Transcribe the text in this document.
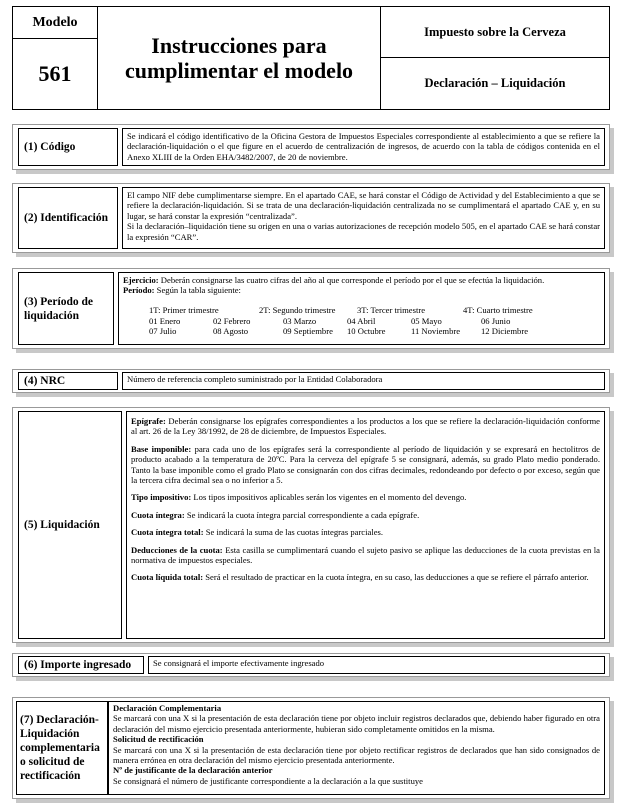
Modelo
561
Instrucciones para
cumplimentar el modelo
Impuesto sobre la Cerveza
Declaración – Liquidación
(1) Código
Se indicará el código identificativo de la Oficina Gestora de Impuestos Especiales correspondiente al establecimiento a que se refiere la declaración-liquidación o el que figure en el acuerdo de centralización de ingresos, de acuerdo con la tabla de códigos contenida en el Anexo XLIII de la Orden EHA/3482/2007, de 20 de noviembre.
(2) Identificación

El campo NIF debe cumplimentarse siempre. En el apartado CAE, se hará constar el Código de Actividad y del Establecimiento a que se refiere la declaración-liquidación. Si se trata de una declaración-liquidación centralizada no se cumplimentará el apartado CAE y, en su lugar, se hará constar la expresión “centralizada”.

Si la declaración–liquidación tiene su origen en una o varias autorizaciones de recepción modelo 505, en el apartado CAE se hará constar la expresión “CAR”.

(3) Período de
liquidación

Ejercicio: Deberán consignarse las cuatro cifras del año al que corresponde el período por el que se efectúa la liquidación.

Período: Según la tabla siguiente:

1T: Primer trimestre	2T: Segundo trimestre	3T: Tercer trimestre	4T: Cuarto trimestre
01 Enero	02 Febrero	03 Marzo	04 Abril	05 Mayo	06 Junio
07 Julio	08 Agosto	09 Septiembre	10 Octubre	11 Noviembre	12 Diciembre
(4) NRC	Número de referencia completo suministrado por la Entidad Colaboradora
(5) Liquidación

Epígrafe: Deberán consignarse los epígrafes correspondientes a los productos a los que se refiere la declaración-liquidación conforme al art. 26 de la Ley 38/1992, de 28 de diciembre, de Impuestos Especiales.

Base imponible: para cada uno de los epígrafes será la correspondiente al período de liquidación y se expresará en hectolitros de producto acabado a la temperatura de 20ºC. Para la cerveza del epígrafe 5 se consignará, además, su grado Plato medio ponderado. Tanto la base imponible como el grado Plato se consignarán con dos cifras decimales, redondeando por defecto o por exceso, según que la tercera cifra decimal sea o no inferior a 5.

Tipo impositivo: Los tipos impositivos aplicables serán los vigentes en el momento del devengo.

Cuota íntegra: Se indicará la cuota íntegra parcial correspondiente a cada epígrafe.

Cuota íntegra total: Se indicará la suma de las cuotas íntegras parciales.

Deducciones de la cuota: Esta casilla se cumplimentará cuando el sujeto pasivo se aplique las deducciones de la cuota previstas en la normativa de impuestos especiales.

Cuota líquida total: Será el resultado de practicar en la cuota íntegra, en su caso, las deducciones a que se refiere el párrafo anterior.

(6) Importe ingresado	Se consignará el importe efectivamente ingresado
(7) Declaración-
Liquidación
complementaria
o solicitud de
rectificación

Declaración Complementaria

Se marcará con una X si la presentación de esta declaración tiene por objeto incluir registros declarados que, debiendo haber figurado en otra declaración del mismo ejercicio presentada anteriormente, hubieran sido completamente omitidos en la misma.

Solicitud de rectificación

Se marcará con una X si la presentación de esta declaración tiene por objeto rectificar registros de declarados que han sido consignados de manera errónea en otra declaración del mismo ejercicio presentada anteriormente.

Nº de justificante de la declaración anterior

Se consignará el número de justificante correspondiente a la declaración a la que sustituye
